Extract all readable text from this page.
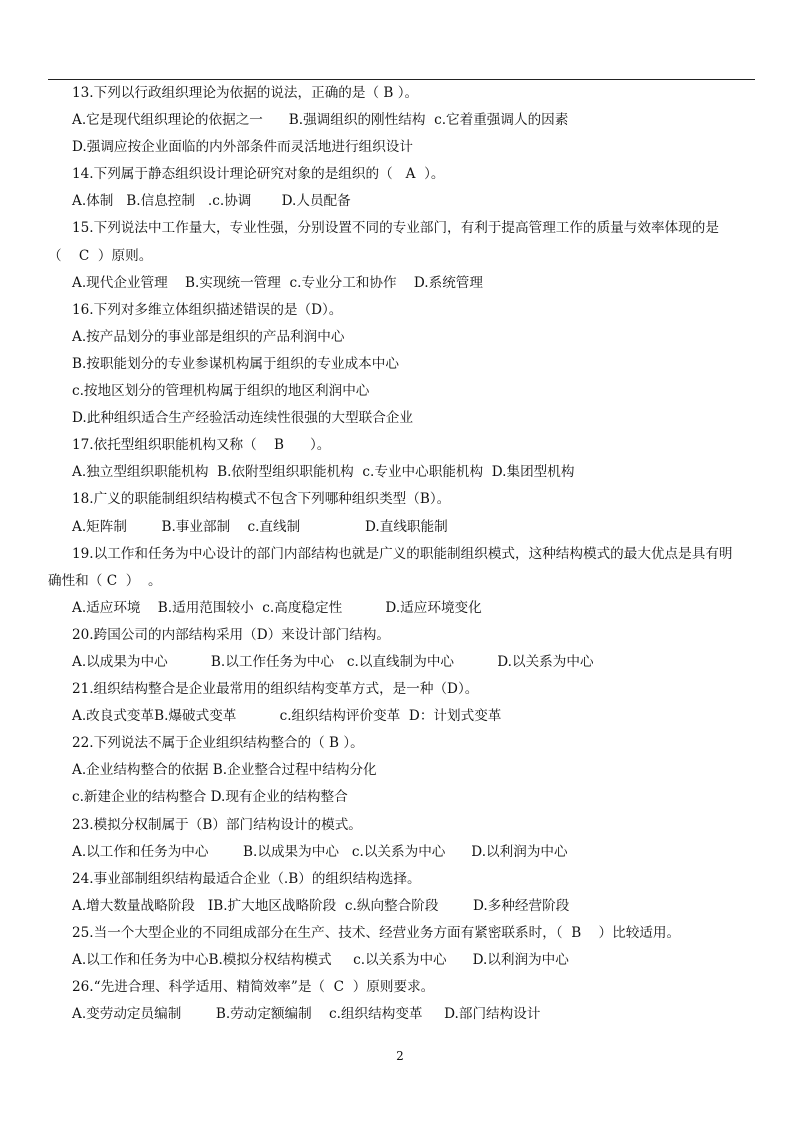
13.下列以行政组织理论为依据的说法，正确的是（ B ）。
A.它是现代组织理论的依据之一      B.强调组织的刚性结构  c.它着重强调人的因素
D.强调应按企业面临的内外部条件而灵活地进行组织设计
14.下列属于静态组织设计理论研究对象的是组织的（   A  ）。
A.体制   B.信息控制   .c.协调       D.人员配备
15.下列说法中工作量大，专业性强，分别设置不同的专业部门，有利于提高管理工作的质量与效率体现的是
（    C  ）原则。
A.现代企业管理    B.实现统一管理  c.专业分工和协作    D.系统管理
16.下列对多维立体组织描述错误的是（D）。
A.按产品划分的事业部是组织的产品利润中心
B.按职能划分的专业参谋机构属于组织的专业成本中心
c.按地区划分的管理机构属于组织的地区利润中心
D.此种组织适合生产经验活动连续性很强的大型联合企业
17.依托型组织职能机构又称（    B      ）。
A.独立型组织职能机构  B.依附型组织职能机构  c.专业中心职能机构  D.集团型机构
18.广义的职能制组织结构模式不包含下列哪种组织类型（B）。
A.矩阵制        B.事业部制    c.直线制               D.直线职能制
19.以工作和任务为中心设计的部门内部结构也就是广义的职能制组织模式，这种结构模式的最大优点是具有明
确性和（ C  ）  。
A.适应环境    B.适用范围较小  c.高度稳定性          D.适应环境变化
20.跨国公司的内部结构采用（D）来设计部门结构。
A.以成果为中心          B.以工作任务为中心   c.以直线制为中心          D.以关系为中心
21.组织结构整合是企业最常用的组织结构变革方式，是一种（D）。
A.改良式变革B.爆破式变革          c.组织结构评价变革  D：计划式变革
22.下列说法不属于企业组织结构整合的（ B ）。
A.企业结构整合的依据 B.企业整合过程中结构分化
c.新建企业的结构整合 D.现有企业的结构整合
23.模拟分权制属于（B）部门结构设计的模式。
A.以工作和任务为中心        B.以成果为中心   c.以关系为中心      D.以利润为中心
24.事业部制组织结构最适合企业（.B）的组织结构选择。
A.增大数量战略阶段   IB.扩大地区战略阶段  c.纵向整合阶段        D.多种经营阶段
25.当一个大型企业的不同组成部分在生产、技术、经营业务方面有紧密联系时，（  B    ）比较适用。
A.以工作和任务为中心B.模拟分权结构模式     c.以关系为中心      D.以利润为中心
26.“先进合理、科学适用、精简效率”是（  C  ）原则要求。
A.变劳动定员编制        B.劳动定额编制    c.组织结构变革     D.部门结构设计
2
